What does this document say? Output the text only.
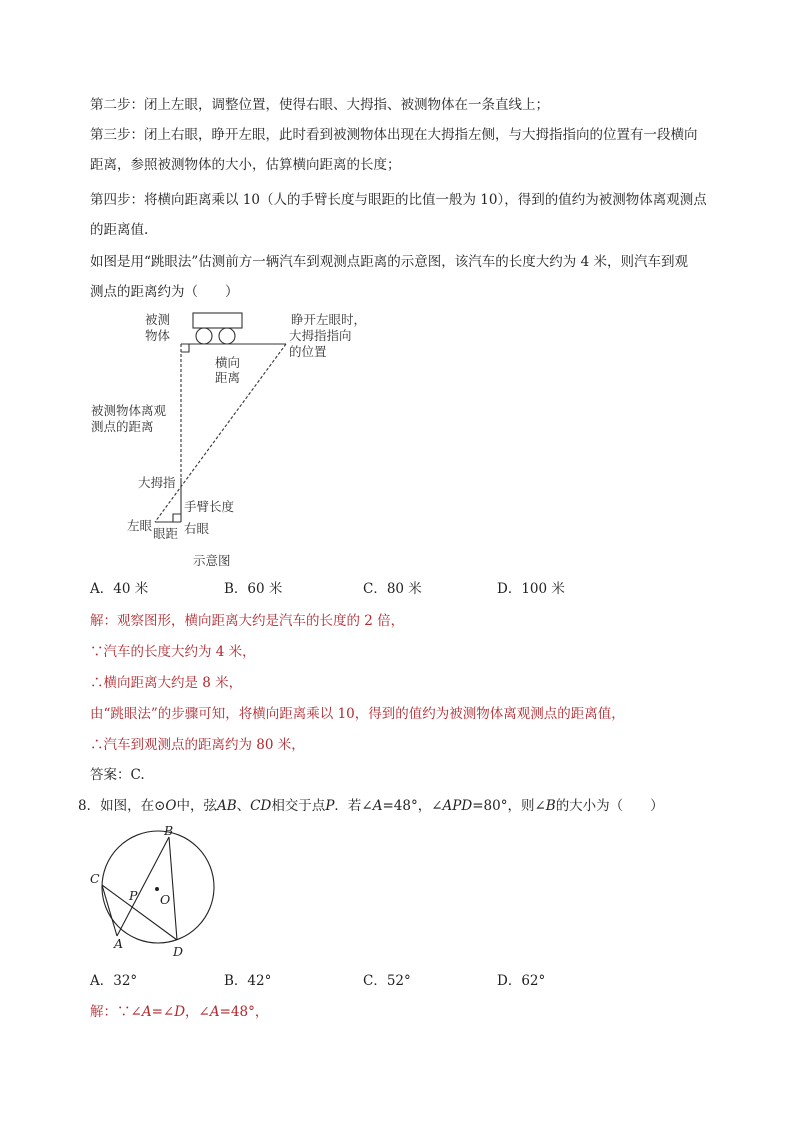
第二步：闭上左眼，调整位置，使得右眼、大拇指、被测物体在一条直线上；
第三步：闭上右眼，睁开左眼，此时看到被测物体出现在大拇指左侧，与大拇指指向的位置有一段横向
距离，参照被测物体的大小，估算横向距离的长度；
第四步：将横向距离乘以 10（人的手臂长度与眼距的比值一般为 10），得到的值约为被测物体离观测点
的距离值.
如图是用“跳眼法”估测前方一辆汽车到观测点距离的示意图，该汽车的长度大约为 4 米，则汽车到观
测点的距离约为（　　）
被测
物体
睁开左眼时，
大拇指指向
的位置
横向
距离
被测物体离观
测点的距离
大拇指
手臂长度
左眼	右眼
眼距
示意图
A．40 米	B．60 米	C．80 米	D．100 米
解：观察图形，横向距离大约是汽车的长度的 2 倍，
∵汽车的长度大约为 4 米，
∴横向距离大约是 8 米，
由“跳眼法”的步骤可知，将横向距离乘以 10，得到的值约为被测物体离观测点的距离值，
∴汽车到观测点的距离约为 80 米，
答案：C.
8．如图，在⊙O中，弦AB、CD相交于点P．若∠A=48°，∠APD=80°，则∠B的大小为（　　）
B
C
P O
A
D
A．32°	B．42°	C．52°	D．62°
解：∵∠A=∠D，∠A=48°，
